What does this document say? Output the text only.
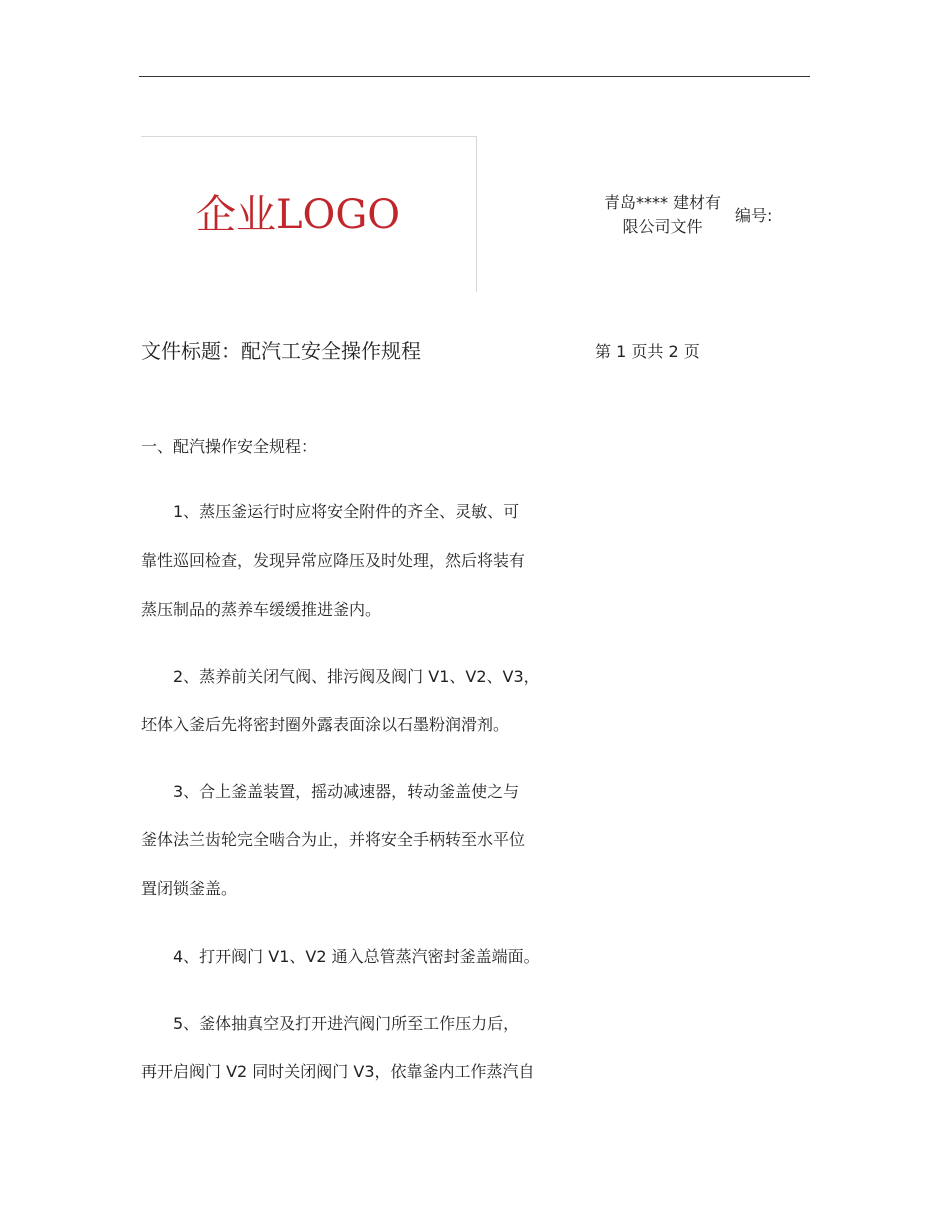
企业LOGO	青岛**** 建材有
限公司文件
编号:
文件标题：配汽工安全操作规程	第 1 页共 2 页
一、配汽操作安全规程：
1、蒸压釜运行时应将安全附件的齐全、灵敏、可
靠性巡回检查，发现异常应降压及时处理，然后将装有
蒸压制品的蒸养车缓缓推进釜内。
2、蒸养前关闭气阀、排污阀及阀门 V1、V2、V3，
坯体入釜后先将密封圈外露表面涂以石墨粉润滑剂。
3、合上釜盖装置，摇动减速器，转动釜盖使之与
釜体法兰齿轮完全啮合为止，并将安全手柄转至水平位
置闭锁釜盖。
4、打开阀门 V1、V2 通入总管蒸汽密封釜盖端面。
5、釜体抽真空及打开进汽阀门所至工作压力后，
再开启阀门 V2 同时关闭阀门 V3，依靠釜内工作蒸汽自
